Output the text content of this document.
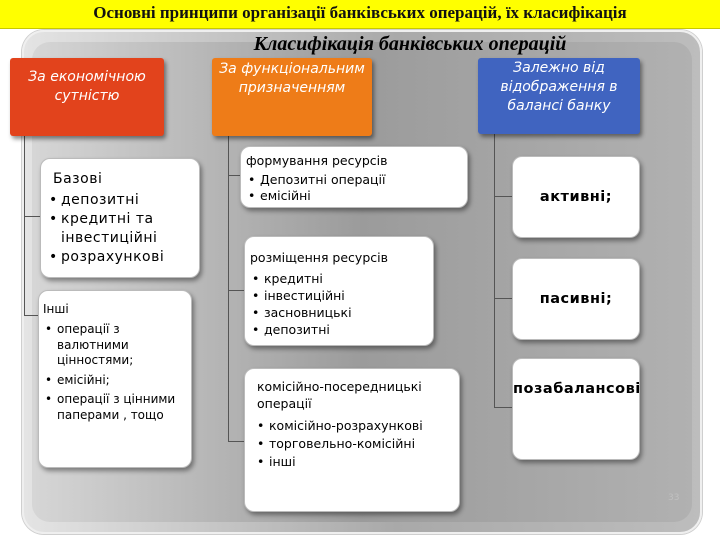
Основні принципи організації банківських операцій, їх класифікація
Класифікація банківських операцій
За економічною сутністю
За функціональним призначенням
Залежно від відображення в балансі банку
Базові
• депозитні
• кредитні та інвестиційні
• розрахункові
Інші
• операції з валютними цінностями;
• емісійні;
• операції з цінними паперами , тощо
формування ресурсів
• Депозитні операції
• емісійні
розміщення ресурсів
• кредитні
• інвестиційні
• засновницькі
• депозитні
комісійно-посередницькі операції
• комісійно-розрахункові
• торговельно-комісійні
• інші
активні;
пасивні;
позабалансові
33
